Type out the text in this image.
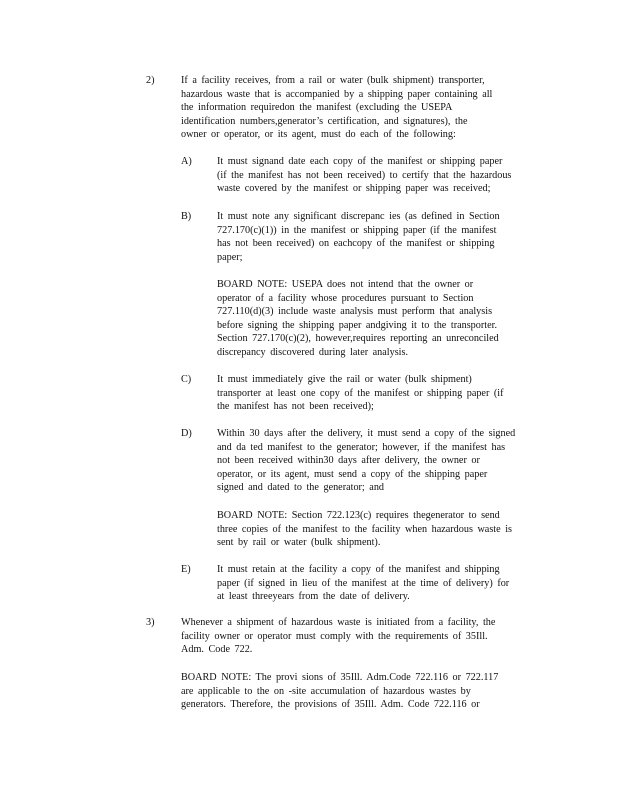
2)	If a facility receives, from a rail or water (bulk shipment) transporter,
hazardous waste that is accompanied by a shipping paper containing all
the information requiredon the manifest (excluding the USEPA
identification numbers,generator’s certification, and signatures), the
owner or operator, or its agent, must do each of the following:
A) It must signand date each copy of the manifest or shipping paper
(if the manifest has not been received) to certify that the hazardous
waste covered by the manifest or shipping paper was received;
B)	It must note any significant discrepanc ies (as defined in Section
727.170(c)(1)) in the manifest or shipping paper (if the manifest
has not been received) on eachcopy of the manifest or shipping
paper;
BOARD NOTE: USEPA does not intend that the owner or
operator of a facility whose procedures pursuant to Section
727.110(d)(3) include waste analysis must perform that analysis
before signing the shipping paper andgiving it to the transporter.
Section 727.170(c)(2), however,requires reporting an unreconciled
discrepancy discovered during later analysis.
C)	It must immediately give the rail or water (bulk shipment)
transporter at least one copy of the manifest or shipping paper (if
the manifest has not been received);
D) Within 30 days after the delivery, it must send a copy of the signed
and da ted manifest to the generator; however, if the manifest has
not been received within30 days after delivery, the owner or
operator, or its agent, must send a copy of the shipping paper
signed and dated to the generator; and
BOARD NOTE: Section 722.123(c) requires thegenerator to send
three copies of the manifest to the facility when hazardous waste is
sent by rail or water (bulk shipment).
E)	It must retain at the facility a copy of the manifest and shipping
paper (if signed in lieu of the manifest at the time of delivery) for
at least threeyears from the date of delivery.
3)	Whenever a shipment of hazardous waste is initiated from a facility, the
facility owner or operator must comply with the requirements of 35Ill.
Adm. Code 722.
BOARD NOTE: The provi sions of 35Ill. Adm.Code 722.116 or 722.117
are applicable to the on -site accumulation of hazardous wastes by
generators. Therefore, the provisions of 35Ill. Adm. Code 722.116 or
